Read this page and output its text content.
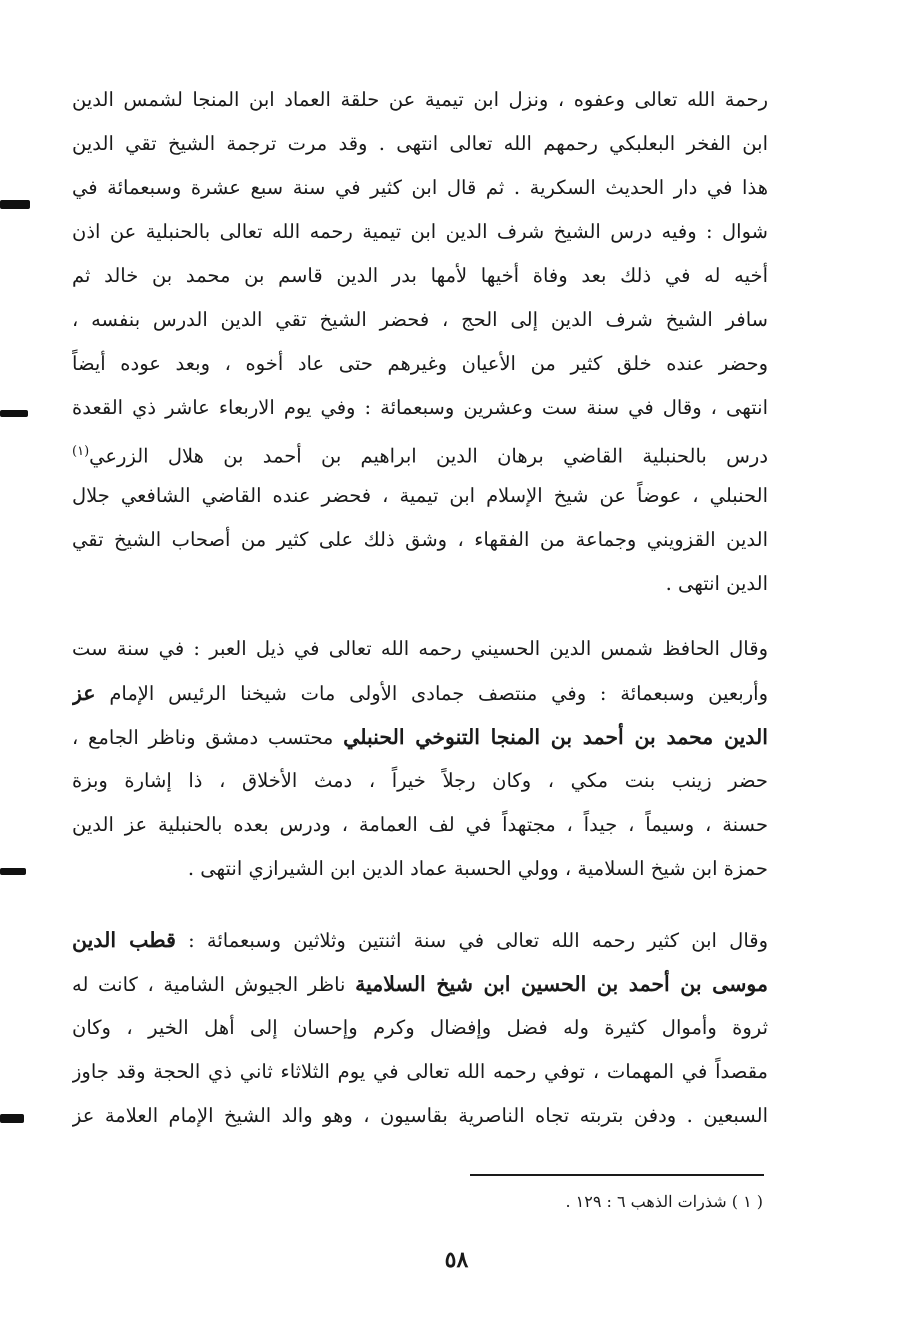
رحمة الله تعالى وعفوه ، ونزل ابن تيمية عن حلقة العماد ابن المنجا لشمس الدين
ابن الفخر البعلبكي رحمهم الله تعالى انتهى . وقد مرت ترجمة الشيخ تقي الدين
هذا في دار الحديث السكرية . ثم قال ابن كثير في سنة سبع عشرة وسبعمائة في
شوال : وفيه درس الشيخ شرف الدين ابن تيمية رحمه الله تعالى بالحنبلية عن اذن
أخيه له في ذلك بعد وفاة أخيها لأمها بدر الدين قاسم بن محمد بن خالد ثم
سافر الشيخ شرف الدين إلى الحج ، فحضر الشيخ تقي الدين الدرس بنفسه ،
وحضر عنده خلق كثير من الأعيان وغيرهم حتى عاد أخوه ، وبعد عوده أيضاً
انتهى ، وقال في سنة ست وعشرين وسبعمائة : وفي يوم الاربعاء عاشر ذي القعدة
درس بالحنبلية القاضي برهان الدين ابراهيم بن أحمد بن هلال الزرعي$^{(١)}$
الحنبلي ، عوضاً عن شيخ الإسلام ابن تيمية ، فحضر عنده القاضي الشافعي جلال
الدين القزويني وجماعة من الفقهاء ، وشق ذلك على كثير من أصحاب الشيخ تقي
الدين انتهى .
وقال الحافظ شمس الدين الحسيني رحمه الله تعالى في ذيل العبر : في سنة ست
وأربعين وسبعمائة : وفي منتصف جمادى الأولى مات شيخنا الرئيس الإمام عز
الدين محمد بن أحمد بن المنجا التنوخي الحنبلي محتسب دمشق وناظر الجامع ،
حضر زينب بنت مكي ، وكان رجلاً خيراً ، دمث الأخلاق ، ذا إشارة وبزة
حسنة ، وسيماً ، جيداً ، مجتهداً في لف العمامة ، ودرس بعده بالحنبلية عز الدين
حمزة ابن شيخ السلامية ، وولي الحسبة عماد الدين ابن الشيرازي انتهى .
وقال ابن كثير رحمه الله تعالى في سنة اثنتين وثلاثين وسبعمائة : قطب الدين
موسى بن أحمد بن الحسين ابن شيخ السلامية ناظر الجيوش الشامية ، كانت له
ثروة وأموال كثيرة وله فضل وإفضال وكرم وإحسان إلى أهل الخير ، وكان
مقصداً في المهمات ، توفي رحمه الله تعالى في يوم الثلاثاء ثاني ذي الحجة وقد جاوز
السبعين . ودفن بتربته تجاه الناصرية بقاسيون ، وهو والد الشيخ الإمام العلامة عز
( ١ ) شذرات الذهب ٦ : ١٢٩ .
٥٨
